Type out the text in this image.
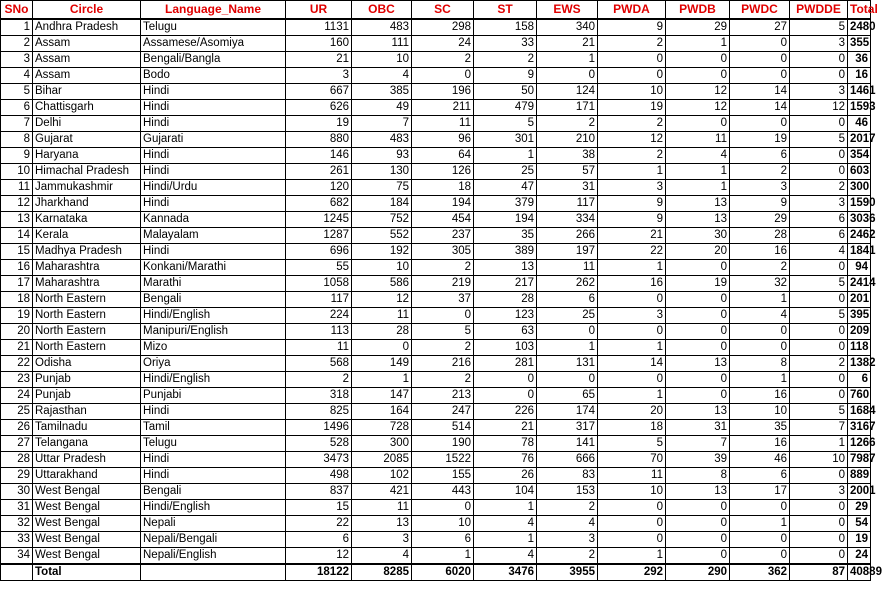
SNo	Circle	Language_Name	UR	OBC	SC	ST	EWS	PWDA	PWDB	PWDC	PWDDE	Total
1	Andhra Pradesh	Telugu	1131	483	298	158	340	9	29	27	5	2480
2	Assam	Assamese/Asomiya	160	111	24	33	21	2	1	0	3	355
3	Assam	Bengali/Bangla	21	10	2	2	1	0	0	0	0	36
4	Assam	Bodo	3	4	0	9	0	0	0	0	0	16
5	Bihar	Hindi	667	385	196	50	124	10	12	14	3	1461
6	Chattisgarh	Hindi	626	49	211	479	171	19	12	14	12	1593
7	Delhi	Hindi	19	7	11	5	2	2	0	0	0	46
8	Gujarat	Gujarati	880	483	96	301	210	12	11	19	5	2017
9	Haryana	Hindi	146	93	64	1	38	2	4	6	0	354
10	Himachal Pradesh	Hindi	261	130	126	25	57	1	1	2	0	603
11	Jammukashmir	Hindi/Urdu	120	75	18	47	31	3	1	3	2	300
12	Jharkhand	Hindi	682	184	194	379	117	9	13	9	3	1590
13	Karnataka	Kannada	1245	752	454	194	334	9	13	29	6	3036
14	Kerala	Malayalam	1287	552	237	35	266	21	30	28	6	2462
15	Madhya Pradesh	Hindi	696	192	305	389	197	22	20	16	4	1841
16	Maharashtra	Konkani/Marathi	55	10	2	13	11	1	0	2	0	94
17	Maharashtra	Marathi	1058	586	219	217	262	16	19	32	5	2414
18	North Eastern	Bengali	117	12	37	28	6	0	0	1	0	201
19	North Eastern	Hindi/English	224	11	0	123	25	3	0	4	5	395
20	North Eastern	Manipuri/English	113	28	5	63	0	0	0	0	0	209
21	North Eastern	Mizo	11	0	2	103	1	1	0	0	0	118
22	Odisha	Oriya	568	149	216	281	131	14	13	8	2	1382
23	Punjab	Hindi/English	2	1	2	0	0	0	0	1	0	6
24	Punjab	Punjabi	318	147	213	0	65	1	0	16	0	760
25	Rajasthan	Hindi	825	164	247	226	174	20	13	10	5	1684
26	Tamilnadu	Tamil	1496	728	514	21	317	18	31	35	7	3167
27	Telangana	Telugu	528	300	190	78	141	5	7	16	1	1266
28	Uttar Pradesh	Hindi	3473	2085	1522	76	666	70	39	46	10	7987
29	Uttarakhand	Hindi	498	102	155	26	83	11	8	6	0	889
30	West Bengal	Bengali	837	421	443	104	153	10	13	17	3	2001
31	West Bengal	Hindi/English	15	11	0	1	2	0	0	0	0	29
32	West Bengal	Nepali	22	13	10	4	4	0	0	1	0	54
33	West Bengal	Nepali/Bengali	6	3	6	1	3	0	0	0	0	19
34	West Bengal	Nepali/English	12	4	1	4	2	1	0	0	0	24
	Total		18122	8285	6020	3476	3955	292	290	362	87	40889
